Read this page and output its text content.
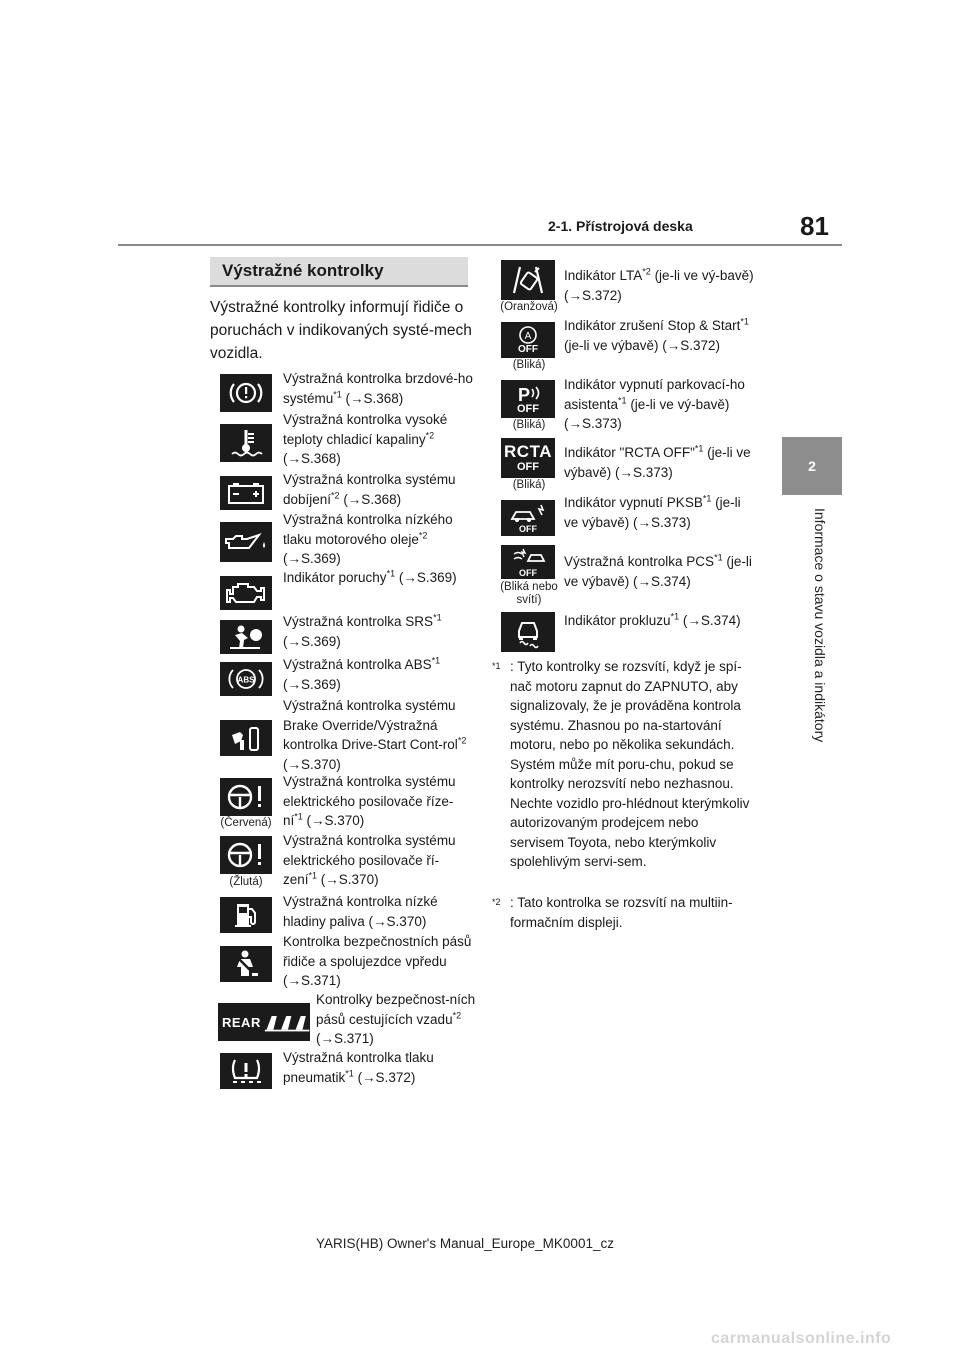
2-1. Přístrojová deska	81
2
Informace o stavu vozidla a indikátory
Výstražné kontrolky
Výstražné kontrolky informují řidiče o poruchách v indikovaných systé-mech vozidla.
Výstražná kontrolka brzdové-ho systému$^{*1}$ (→S.368)
Výstražná kontrolka vysoké teploty chladicí kapaliny$^{*2}$ (→S.368)
Výstražná kontrolka systému dobíjení$^{*2}$ (→S.368)
Výstražná kontrolka nízkého tlaku motorového oleje$^{*2}$ (→S.369)
Indikátor poruchy$^{*1}$ (→S.369)
Výstražná kontrolka SRS$^{*1}$ (→S.369)
ABS
Výstražná kontrolka ABS$^{*1}$ (→S.369)
Výstražná kontrolka systému Brake Override/Výstražná kontrolka Drive-Start Cont-rol$^{*2}$ (→S.370)
(Červená)
Výstražná kontrolka systému elektrického posilovače říze-$ní^{*1}$ (→S.370)
(Žlutá)
Výstražná kontrolka systému elektrického posilovače ří-zení$^{*1}$ (→S.370)
Výstražná kontrolka nízké hladiny paliva (→S.370)
Kontrolka bezpečnostních pásů řidiče a spolujezdce vpředu (→S.371)
REAR
Kontrolky bezpečnost-ních pásů cestujících vzadu$^{*2}$ (→S.371)
Výstražná kontrolka tlaku pneumatik$^{*1}$ (→S.372)
(Oranžová)
Indikátor LTA$^{*2}$ (je-li ve vý-bavě) (→S.372)
A
OFF
(Bliká)
Indikátor zrušení Stop & Start$^{*1}$ (je-li ve výbavě) (→S.372)
P
OFF
(Bliká)
Indikátor vypnutí parkovací-ho asistenta$^{*1}$ (je-li ve vý-bavě) (→S.373)
RCTA
OFF
(Bliká)
Indikátor "RCTA OFF"$^{*1}$ (je-li ve výbavě) (→S.373)
OFF
Indikátor vypnutí PKSB$^{*1}$ (je-li ve výbavě) (→S.373)
OFF
(Bliká nebo svítí)
Výstražná kontrolka PCS$^{*1}$ (je-li ve výbavě) (→S.374)
Indikátor prokluzu$^{*1}$ (→S.374)
*1 : Tyto kontrolky se rozsvítí, když je spí-nač motoru zapnut do ZAPNUTO, aby signalizovaly, že je prováděna kontrola systému. Zhasnou po na-startování motoru, nebo po několika sekundách. Systém může mít poru-chu, pokud se kontrolky nerozsvítí nebo nezhasnou. Nechte vozidlo pro-hlédnout kterýmkoliv autorizovaným prodejcem nebo servisem Toyota, nebo kterýmkoliv spolehlivým servi-sem.
*2 : Tato kontrolka se rozsvítí na multiin-formačním displeji.
YARIS(HB) Owner's Manual_Europe_MK0001_cz
carmanualsonline.info
